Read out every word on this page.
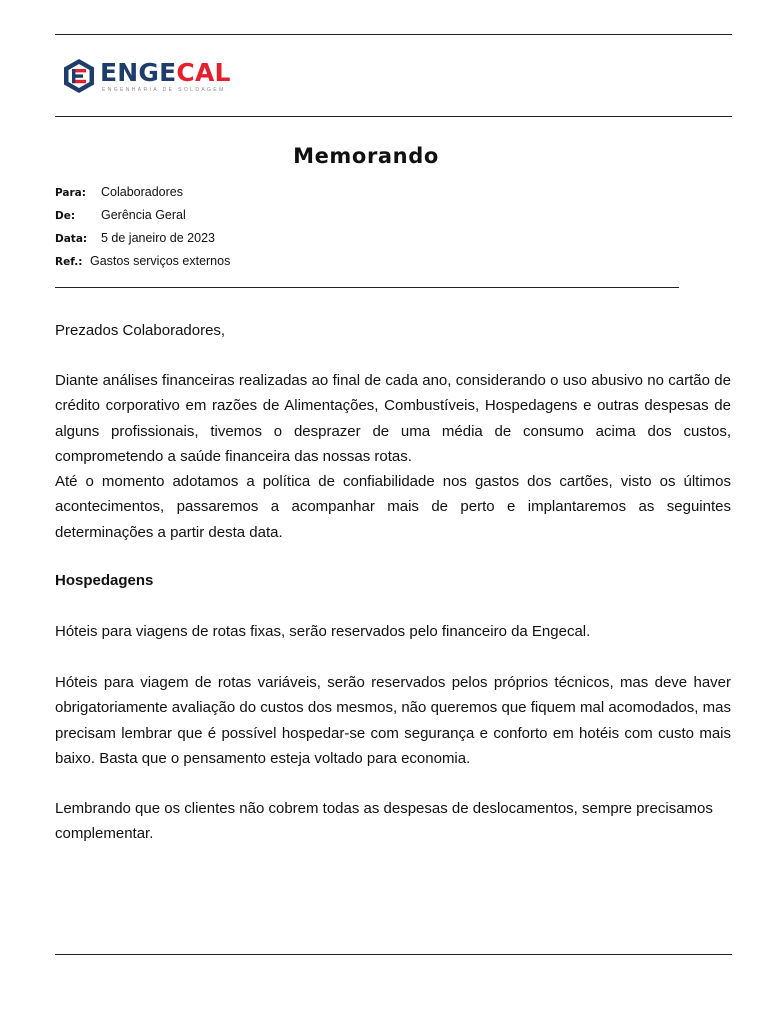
ENGECAL
ENGENHARIA DE SOLDAGEM
Memorando
Para: Colaboradores
De: Gerência Geral
Data: 5 de janeiro de 2023
Ref.: Gastos serviços externos

Prezados Colaboradores,

Diante análises financeiras realizadas ao final de cada ano, considerando o uso abusivo no cartão de crédito corporativo em razões de Alimentações, Combustíveis, Hospedagens e outras despesas de alguns profissionais, tivemos o desprazer de uma média de consumo acima dos custos, comprometendo a saúde financeira das nossas rotas.

Até o momento adotamos a política de confiabilidade nos gastos dos cartões, visto os últimos acontecimentos, passaremos a acompanhar mais de perto e implantaremos as seguintes determinações a partir desta data.

Hospedagens

Hóteis para viagens de rotas fixas, serão reservados pelo financeiro da Engecal.

Hóteis para viagem de rotas variáveis, serão reservados pelos próprios técnicos, mas deve haver obrigatoriamente avaliação do custos dos mesmos, não queremos que fiquem mal acomodados, mas precisam lembrar que é possível hospedar-se com segurança e conforto em hotéis com custo mais baixo. Basta que o pensamento esteja voltado para economia.

Lembrando que os clientes não cobrem todas as despesas de deslocamentos, sempre precisamos complementar.
